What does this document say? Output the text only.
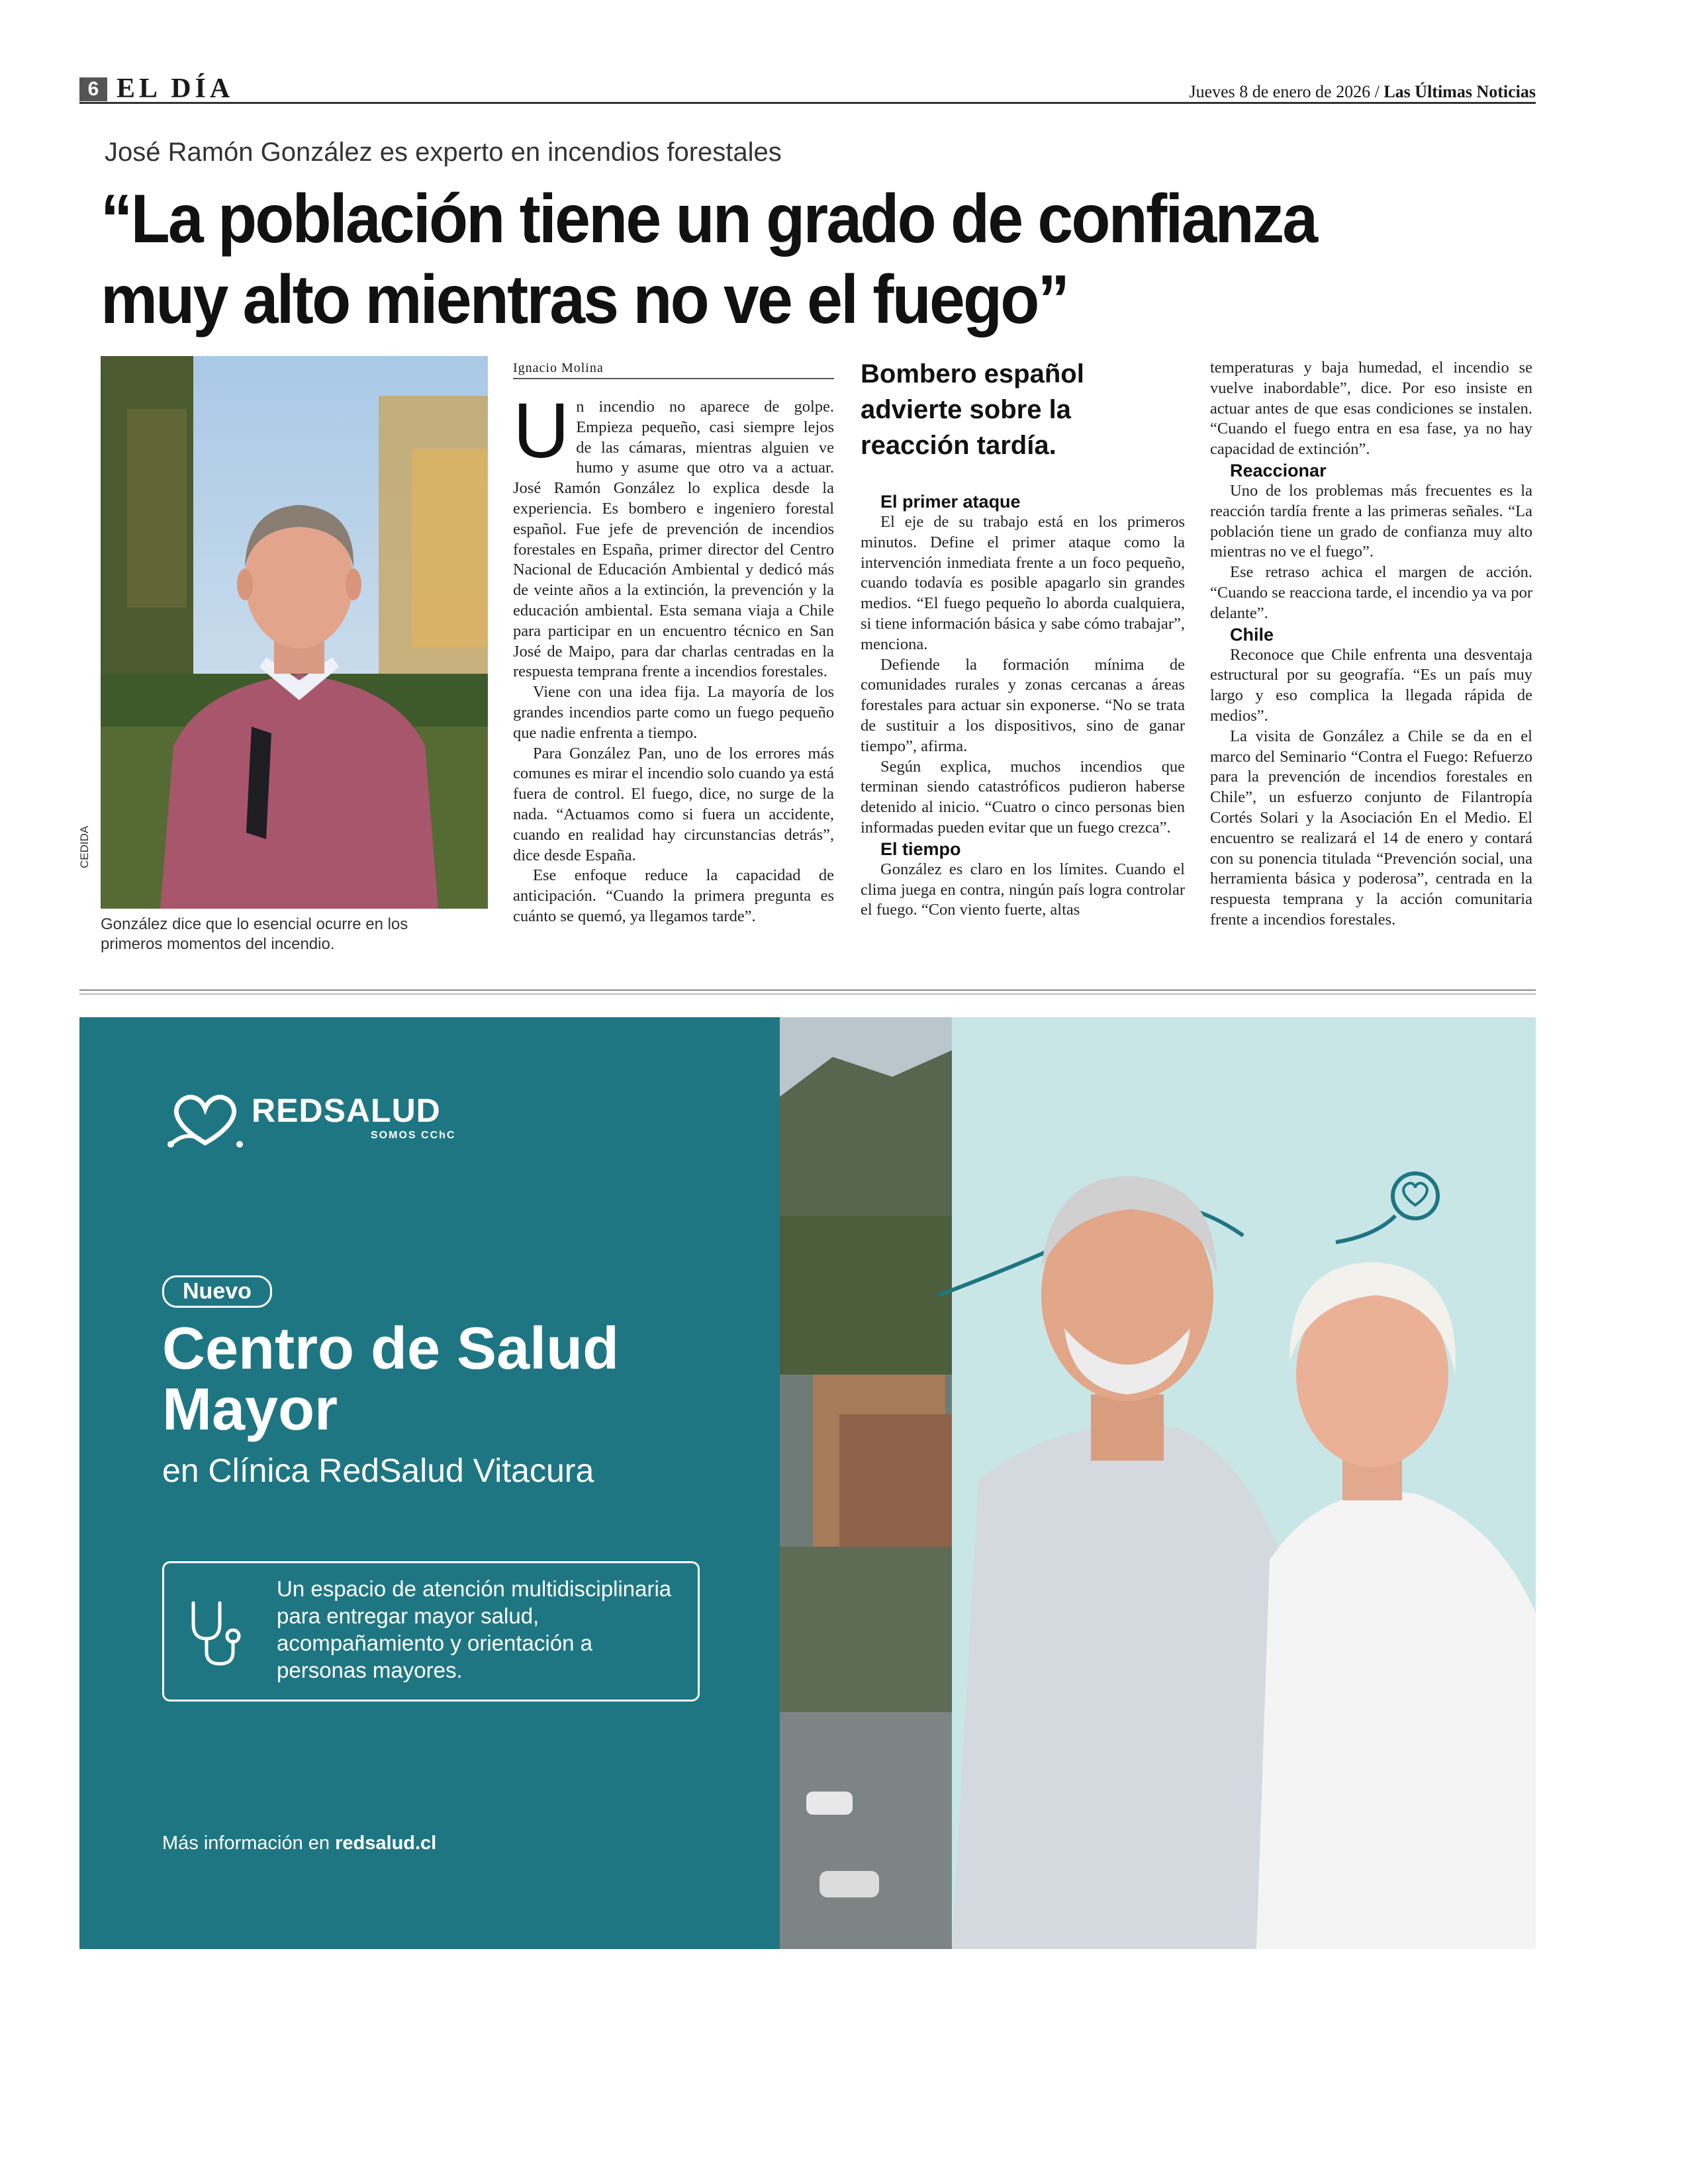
6 EL DÍA	Jueves 8 de enero de 2026 / Las Últimas Noticias
José Ramón González es experto en incendios forestales
“La población tiene un grado de confianza muy alto mientras no ve el fuego”
CEDIDA
González dice que lo esencial ocurre en los primeros momentos del incendio.
Ignacio Molina

Un incendio no aparece de golpe. Empieza pequeño, casi siempre lejos de las cámaras, mientras alguien ve humo y asume que otro va a actuar. José Ramón González lo explica desde la experiencia. Es bombero e ingeniero forestal español. Fue jefe de prevención de incendios forestales en España, primer director del Centro Nacional de Educación Ambiental y dedicó más de veinte años a la extinción, la prevención y la educación ambiental. Esta semana viaja a Chile para participar en un encuentro técnico en San José de Maipo, para dar charlas centradas en la respuesta temprana frente a incendios forestales.

Viene con una idea fija. La mayoría de los grandes incendios parte como un fuego pequeño que nadie enfrenta a tiempo.

Para González Pan, uno de los errores más comunes es mirar el incendio solo cuando ya está fuera de control. El fuego, dice, no surge de la nada. “Actuamos como si fuera un accidente, cuando en realidad hay circunstancias detrás”, dice desde España.

Ese enfoque reduce la capacidad de anticipación. “Cuando la primera pregunta es cuánto se quemó, ya llegamos tarde”.

Bombero español advierte sobre la reacción tardía.
El primer ataque

El eje de su trabajo está en los primeros minutos. Define el primer ataque como la intervención inmediata frente a un foco pequeño, cuando todavía es posible apagarlo sin grandes medios. “El fuego pequeño lo aborda cualquiera, si tiene información básica y sabe cómo trabajar”, menciona.

Defiende la formación mínima de comunidades rurales y zonas cercanas a áreas forestales para actuar sin exponerse. “No se trata de sustituir a los dispositivos, sino de ganar tiempo”, afirma.

Según explica, muchos incendios que terminan siendo catastróficos pudieron haberse detenido al inicio. “Cuatro o cinco personas bien informadas pueden evitar que un fuego crezca”.

El tiempo

González es claro en los límites. Cuando el clima juega en contra, ningún país logra controlar el fuego. “Con viento fuerte, altas

temperaturas y baja humedad, el incendio se vuelve inabordable”, dice. Por eso insiste en actuar antes de que esas condiciones se instalen. “Cuando el fuego entra en esa fase, ya no hay capacidad de extinción”.

Reaccionar

Uno de los problemas más frecuentes es la reacción tardía frente a las primeras señales. “La población tiene un grado de confianza muy alto mientras no ve el fuego”.

Ese retraso achica el margen de acción. “Cuando se reacciona tarde, el incendio ya va por delante”.

Chile

Reconoce que Chile enfrenta una desventaja estructural por su geografía. “Es un país muy largo y eso complica la llegada rápida de medios”.

La visita de González a Chile se da en el marco del Seminario “Contra el Fuego: Refuerzo para la prevención de incendios forestales en Chile”, un esfuerzo conjunto de Filantropía Cortés Solari y la Asociación En el Medio. El encuentro se realizará el 14 de enero y contará con su ponencia titulada “Prevención social, una herramienta básica y poderosa”, centrada en la respuesta temprana y la acción comunitaria frente a incendios forestales.

REDSALUD
SOMOS CChC
Nuevo
Centro de Salud Mayor
en Clínica RedSalud Vitacura
Un espacio de atención multidisciplinaria para entregar mayor salud, acompañamiento y orientación a personas mayores.
Más información en redsalud.cl
